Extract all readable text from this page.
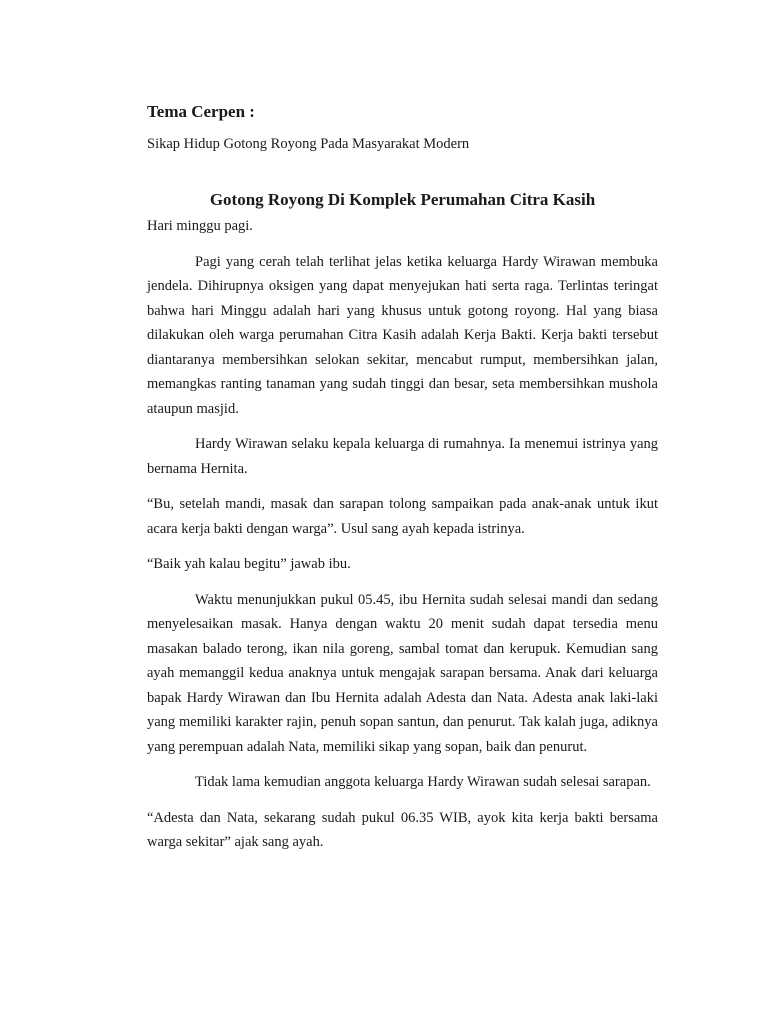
Tema Cerpen :

Sikap Hidup Gotong Royong Pada Masyarakat Modern

Gotong Royong Di Komplek Perumahan Citra Kasih

Hari minggu pagi.

Pagi yang cerah telah terlihat jelas ketika keluarga Hardy Wirawan membuka jendela. Dihirupnya oksigen yang dapat menyejukan hati serta raga. Terlintas teringat bahwa hari Minggu adalah hari yang khusus untuk gotong royong. Hal yang biasa dilakukan oleh warga perumahan Citra Kasih adalah Kerja Bakti. Kerja bakti tersebut diantaranya membersihkan selokan sekitar, mencabut rumput, membersihkan jalan, memangkas ranting tanaman yang sudah tinggi dan besar, seta membersihkan mushola ataupun masjid.

Hardy Wirawan selaku kepala keluarga di rumahnya. Ia menemui istrinya yang bernama Hernita.

“Bu, setelah mandi, masak dan sarapan tolong sampaikan pada anak-anak untuk ikut acara kerja bakti dengan warga”. Usul sang ayah kepada istrinya.

“Baik yah kalau begitu” jawab ibu.

Waktu menunjukkan pukul 05.45, ibu Hernita sudah selesai mandi dan sedang menyelesaikan masak. Hanya dengan waktu 20 menit sudah dapat tersedia menu masakan balado terong, ikan nila goreng, sambal tomat dan kerupuk. Kemudian sang ayah memanggil kedua anaknya untuk mengajak sarapan bersama. Anak dari keluarga bapak Hardy Wirawan dan Ibu Hernita adalah Adesta dan Nata. Adesta anak laki-laki yang memiliki karakter rajin, penuh sopan santun, dan penurut. Tak kalah juga, adiknya yang perempuan adalah Nata, memiliki sikap yang sopan, baik dan penurut.

Tidak lama kemudian anggota keluarga Hardy Wirawan sudah selesai sarapan.

“Adesta dan Nata, sekarang sudah pukul 06.35 WIB, ayok kita kerja bakti bersama warga sekitar” ajak sang ayah.
